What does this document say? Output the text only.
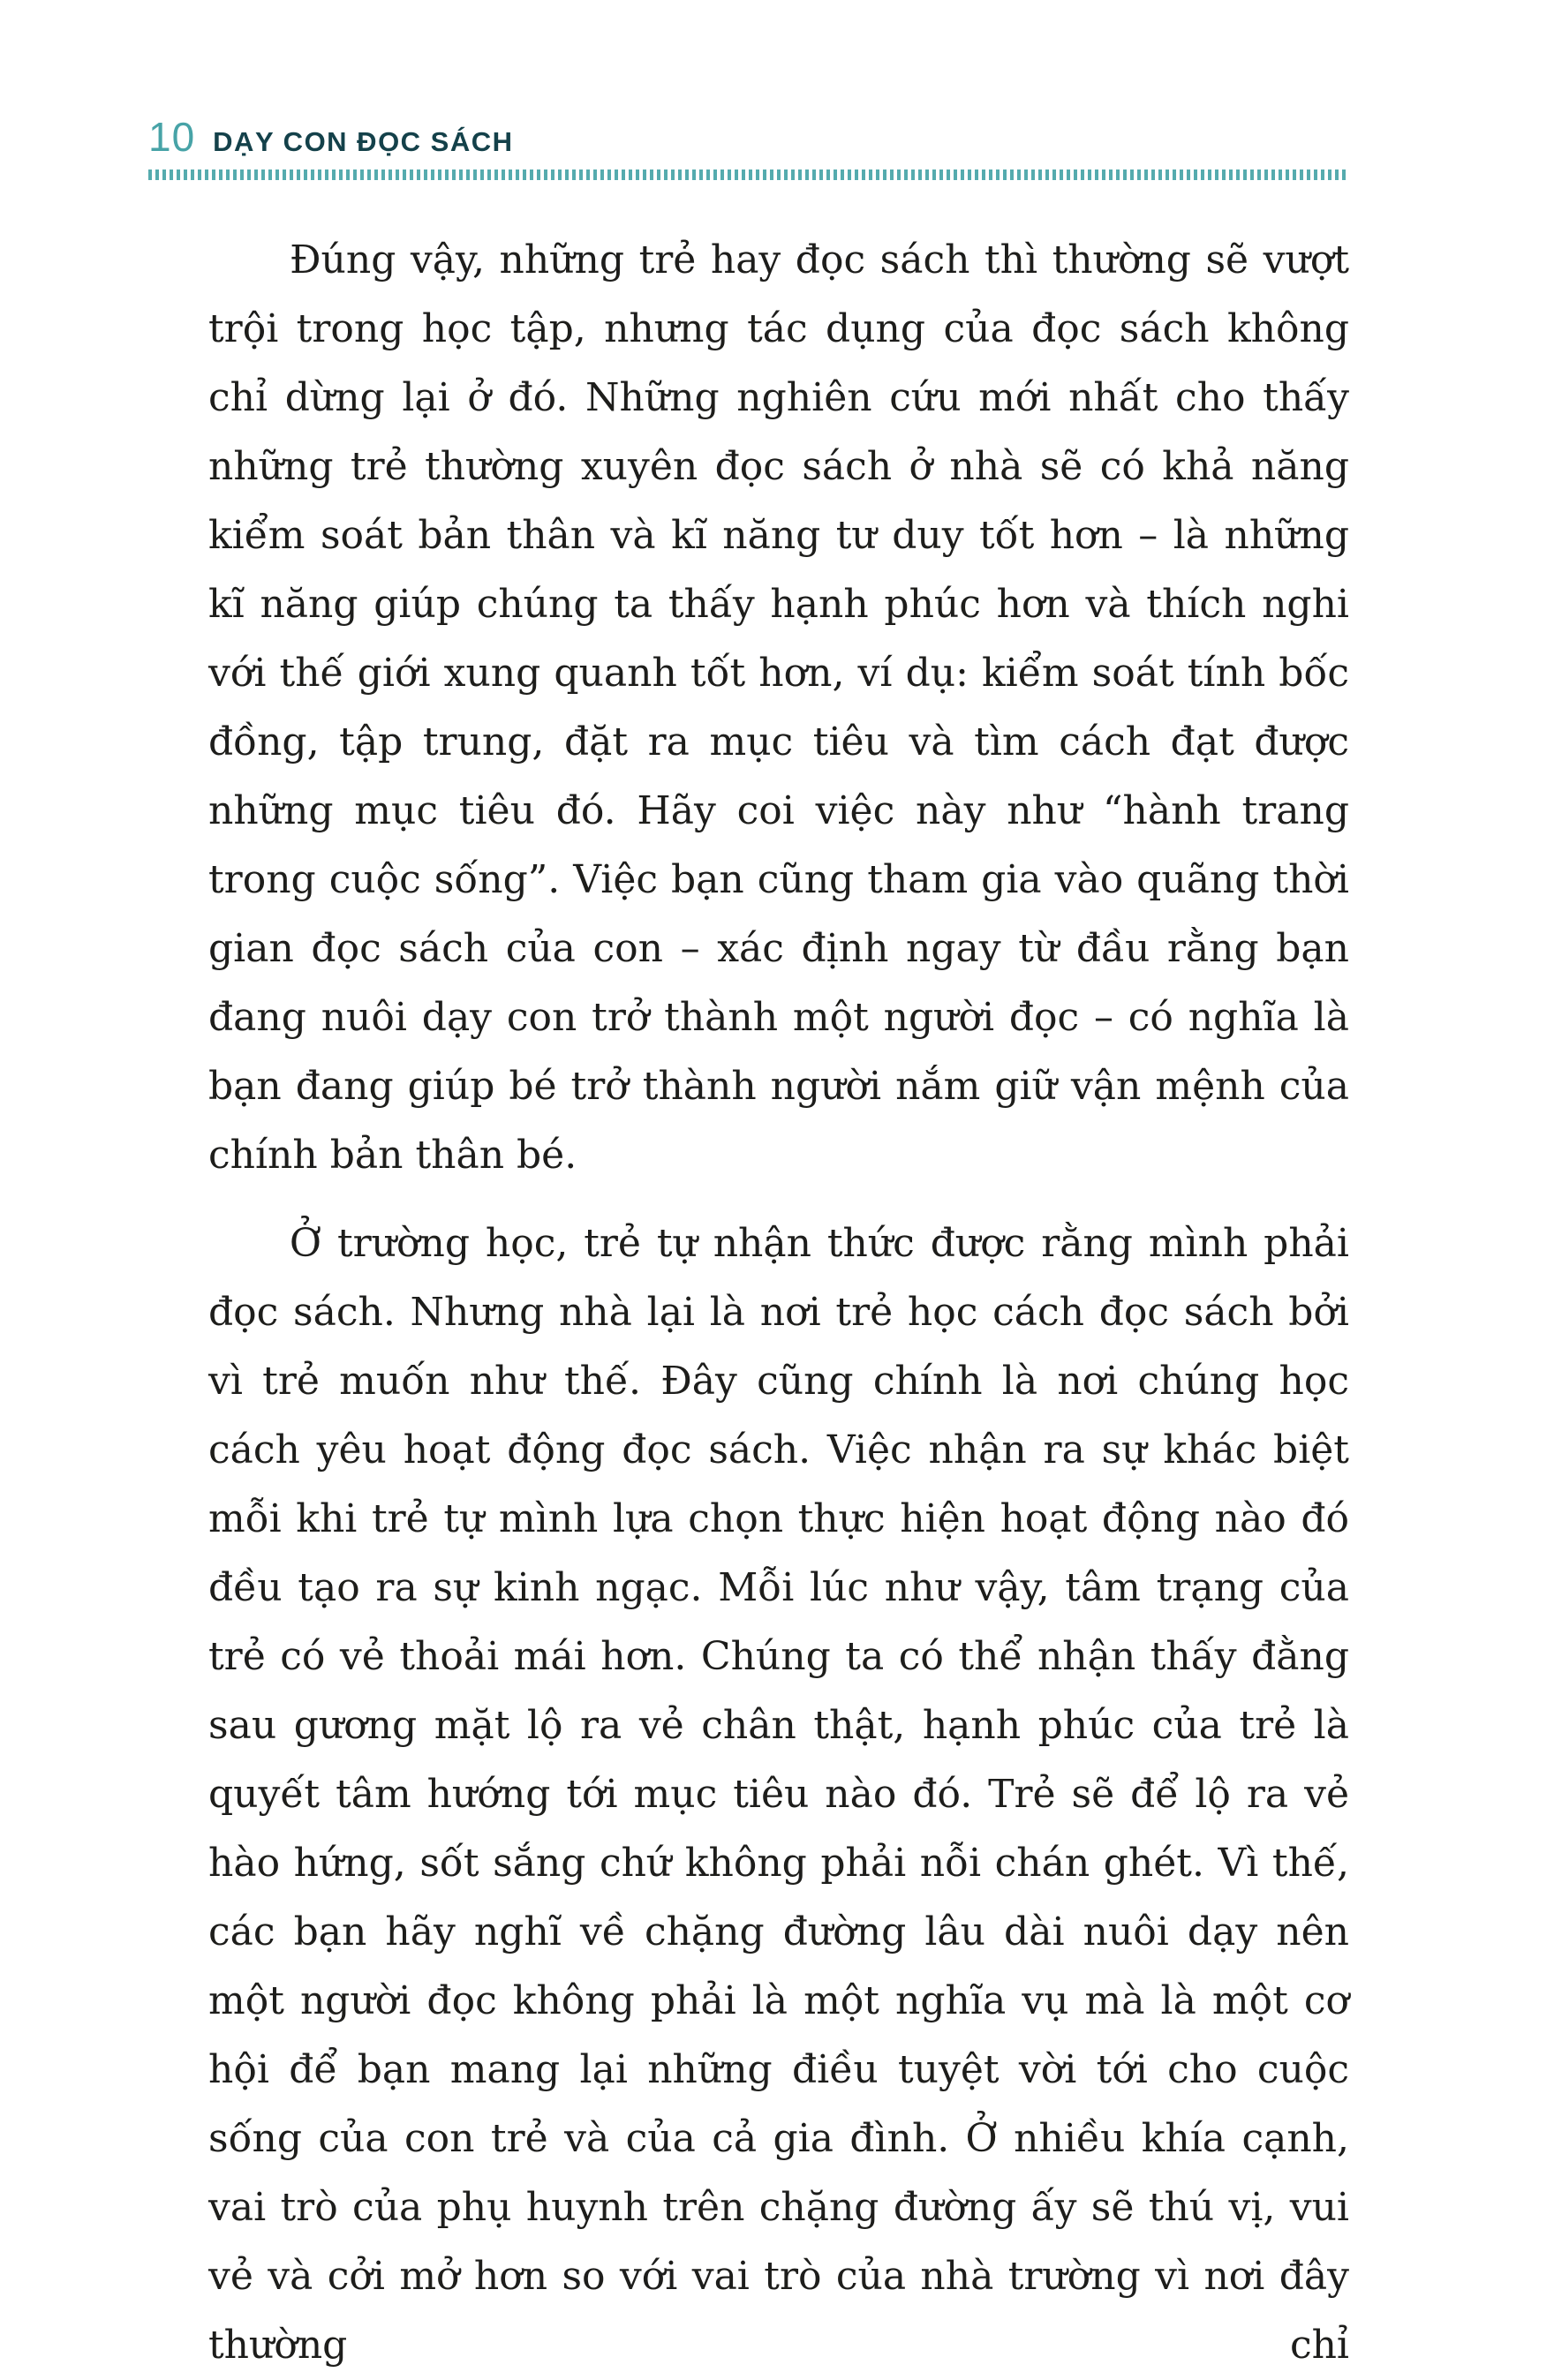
10 DẠY CON ĐỌC SÁCH

Đúng vậy, những trẻ hay đọc sách thì thường sẽ vượt trội trong học tập, nhưng tác dụng của đọc sách không chỉ dừng lại ở đó. Những nghiên cứu mới nhất cho thấy những trẻ thường xuyên đọc sách ở nhà sẽ có khả năng kiểm soát bản thân và kĩ năng tư duy tốt hơn – là những kĩ năng giúp chúng ta thấy hạnh phúc hơn và thích nghi với thế giới xung quanh tốt hơn, ví dụ: kiểm soát tính bốc đồng, tập trung, đặt ra mục tiêu và tìm cách đạt được những mục tiêu đó. Hãy coi việc này như “hành trang trong cuộc sống”. Việc bạn cũng tham gia vào quãng thời gian đọc sách của con – xác định ngay từ đầu rằng bạn đang nuôi dạy con trở thành một người đọc – có nghĩa là bạn đang giúp bé trở thành người nắm giữ vận mệnh của chính bản thân bé.

Ở trường học, trẻ tự nhận thức được rằng mình phải đọc sách. Nhưng nhà lại là nơi trẻ học cách đọc sách bởi vì trẻ muốn như thế. Đây cũng chính là nơi chúng học cách yêu hoạt động đọc sách. Việc nhận ra sự khác biệt mỗi khi trẻ tự mình lựa chọn thực hiện hoạt động nào đó đều tạo ra sự kinh ngạc. Mỗi lúc như vậy, tâm trạng của trẻ có vẻ thoải mái hơn. Chúng ta có thể nhận thấy đằng sau gương mặt lộ ra vẻ chân thật, hạnh phúc của trẻ là quyết tâm hướng tới mục tiêu nào đó. Trẻ sẽ để lộ ra vẻ hào hứng, sốt sắng chứ không phải nỗi chán ghét. Vì thế, các bạn hãy nghĩ về chặng đường lâu dài nuôi dạy nên một người đọc không phải là một nghĩa vụ mà là một cơ hội để bạn mang lại những điều tuyệt vời tới cho cuộc sống của con trẻ và của cả gia đình. Ở nhiều khía cạnh, vai trò của phụ huynh trên chặng đường ấy sẽ thú vị, vui vẻ và cởi mở hơn so với vai trò của nhà trường vì nơi đây thường chỉ
